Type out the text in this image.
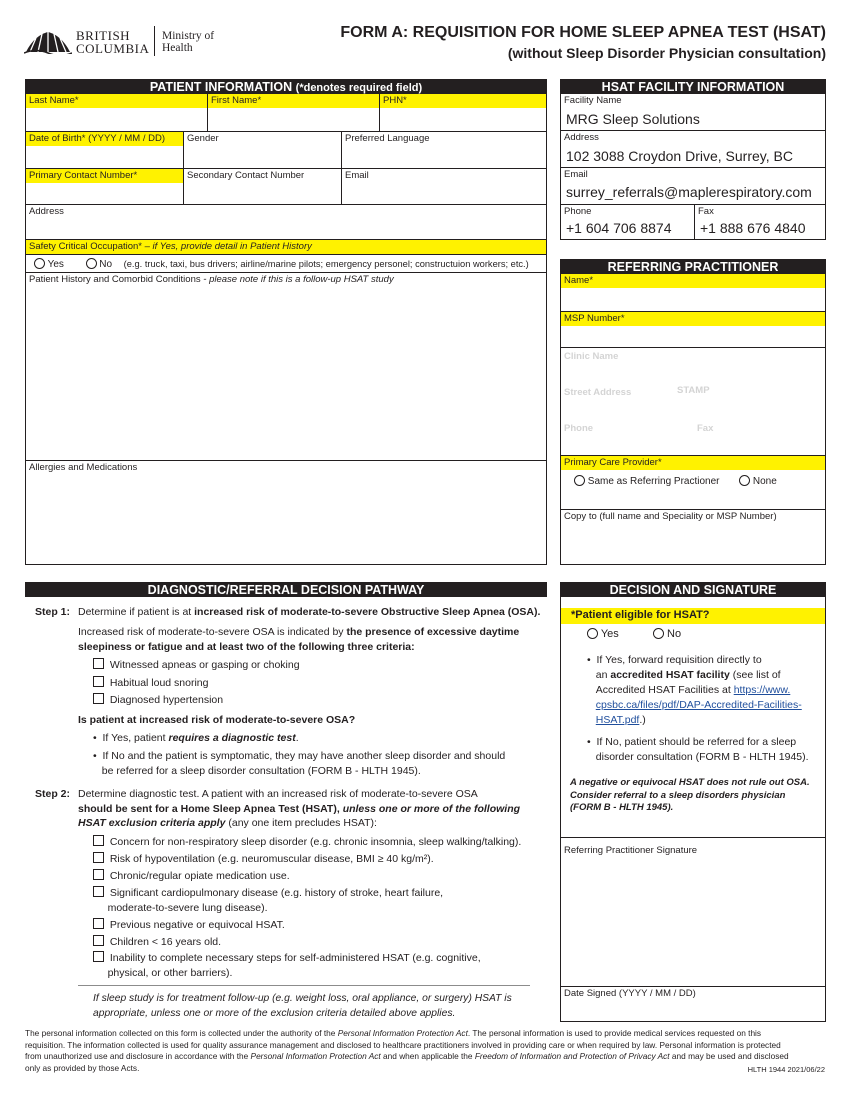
BRITISH
COLUMBIA
Ministry of
Health
FORM A: REQUISITION FOR HOME SLEEP APNEA TEST (HSAT)
(without Sleep Disorder Physician consultation)
PATIENT INFORMATION (*denotes required field)
Last Name*	First Name*	PHN*
Date of Birth* (YYYY / MM / DD) Gender	Preferred Language
Primary Contact Number*	Secondary Contact Number	Email
Address
Safety Critical Occupation* – if Yes, provide detail in Patient History
Yes	No (e.g. truck, taxi, bus drivers; airline/marine pilots; emergency personel; constructuion workers; etc.)
Patient History and Comorbid Conditions - please note if this is a follow-up HSAT study
Allergies and Medications
HSAT FACILITY INFORMATION
Facility Name
MRG Sleep Solutions
Address
102 3088 Croydon Drive, Surrey, BC
Email
surrey_referrals@maplerespiratory.com
Phone
+1 604 706 8874
Fax
+1 888 676 4840
REFERRING PRACTITIONER
Name*
MSP Number*
Clinic Name
Street Address	STAMP
Phone	Fax
Primary Care Provider*
Same as Referring Practioner	None
Copy to (full name and Speciality or MSP Number)
DIAGNOSTIC/REFERRAL DECISION PATHWAY
Step 1: Determine if patient is at increased risk of moderate-to-severe Obstructive Sleep Apnea (OSA).
Increased risk of moderate-to-severe OSA is indicated by the presence of excessive daytime
sleepiness or fatigue and at least two of the following three criteria:
Witnessed apneas or gasping or choking
Habitual loud snoring
Diagnosed hypertension
Is patient at increased risk of moderate-to-severe OSA?
•  If Yes, patient requires a diagnostic test.
•  If No and the patient is symptomatic, they may have another sleep disorder and should
be referred for a sleep disorder consultation (FORM B - HLTH 1945).
Step 2: Determine diagnostic test. A patient with an increased risk of moderate-to-severe OSA
should be sent for a Home Sleep Apnea Test (HSAT), unless one or more of the following
HSAT exclusion criteria apply (any one item precludes HSAT):
Concern for non-respiratory sleep disorder (e.g. chronic insomnia, sleep walking/talking).
Risk of hypoventilation (e.g. neuromuscular disease, BMI ≥ 40 kg/m²).
Chronic/regular opiate medication use.
Significant cardiopulmonary disease (e.g. history of stroke, heart failure,
moderate-to-severe lung disease).
Previous negative or equivocal HSAT.
Children < 16 years old.
Inability to complete necessary steps for self-administered HSAT (e.g. cognitive,
physical, or other barriers).
If sleep study is for treatment follow-up (e.g. weight loss, oral appliance, or surgery) HSAT is
appropriate, unless one or more of the exclusion criteria detailed above applies.
DECISION AND SIGNATURE
*Patient eligible for HSAT?
Yes	No
•  If Yes, forward requisition directly to
an accredited HSAT facility (see list of
Accredited HSAT Facilities at https://www.
cpsbc.ca/files/pdf/DAP-Accredited-Facilities-
HSAT.pdf.)
•  If No, patient should be referred for a sleep
disorder consultation (FORM B - HLTH 1945).
A negative or equivocal HSAT does not rule out OSA.
Consider referral to a sleep disorders physician
(FORM B - HLTH 1945).
Referring Practitioner Signature
Date Signed (YYYY / MM / DD)
The personal information collected on this form is collected under the authority of the Personal Information Protection Act. The personal information is used to provide medical services requested on this
requisition. The information collected is used for quality assurance management and disclosed to healthcare practitioners involved in providing care or when required by law. Personal information is protected
from unauthorized use and disclosure in accordance with the Personal Information Protection Act and when applicable the Freedom of Information and Protection of Privacy Act and may be used and disclosed
only as provided by those Acts.	HLTH 1944 2021/06/22
